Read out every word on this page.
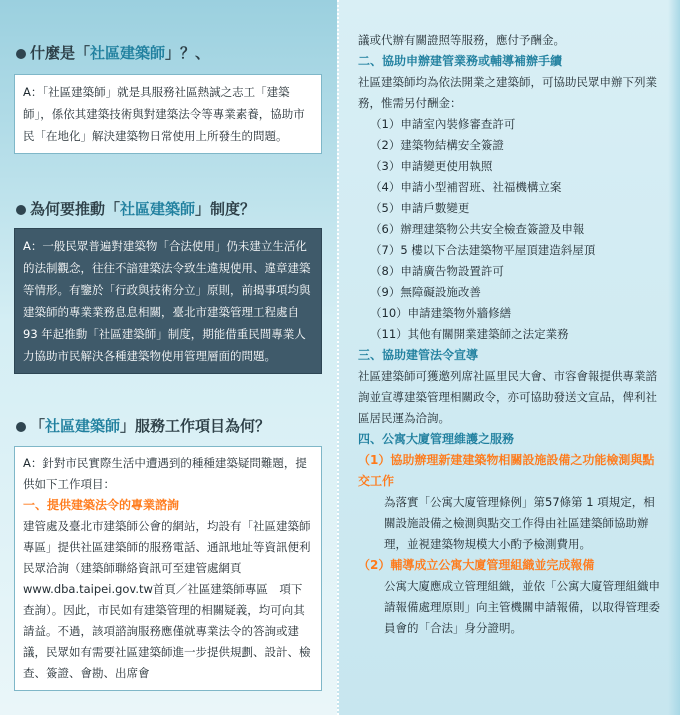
什麼是「社區建築師」？、
A：「社區建築師」就是具服務社區熱誠之志工「建築師」，係依其建築技術與對建築法令等專業素養，協助市民「在地化」解決建築物日常使用上所發生的問題。
為何要推動「社區建築師」制度？
A：一般民眾普遍對建築物「合法使用」仍未建立生活化的法制觀念，往往不諳建築法令致生違規使用、違章建築等情形。有鑒於「行政與技術分立」原則，前揭事項均與建築師的專業業務息息相關，臺北市建築管理工程處自 93 年起推動「社區建築師」制度，期能借重民間專業人力協助市民解決各種建築物使用管理層面的問題。
「社區建築師」服務工作項目為何？
A：針對市民實際生活中遭遇到的種種建築疑問難題，提供如下工作項目：
一、提供建築法令的專業諮詢
建管處及臺北市建築師公會的網站，均設有「社區建築師專區」提供社區建築師的服務電話、通訊地址等資訊便利民眾洽詢（建築師聯絡資訊可至建管處網頁 www.dba.taipei.gov.tw首頁／社區建築師專區　項下查詢）。因此，市民如有建築管理的相關疑義，均可向其請益。不過，該項諮詢服務應僅就專業法令的答詢或建議，民眾如有需要社區建築師進一步提供規劃、設計、檢查、簽證、會勘、出席會
議或代辦有關證照等服務，應付予酬金。
二、協助申辦建管業務或輔導補辦手續
社區建築師均為依法開業之建築師，可協助民眾申辦下列業務，惟需另付酬金：
（1）申請室內裝修審查許可
（2）建築物結構安全簽證
（3）申請變更使用執照
（4）申請小型補習班、社福機構立案
（5）申請戶數變更
（6）辦理建築物公共安全檢查簽證及申報
（7）5 樓以下合法建築物平屋頂建造斜屋頂
（8）申請廣告物設置許可
（9）無障礙設施改善
（10）申請建築物外牆修繕
（11）其他有關開業建築師之法定業務
三、協助建管法令宣導
社區建築師可獲邀列席社區里民大會、市容會報提供專業諮詢並宣導建築管理相關政令，亦可協助發送文宣品，俾利社區居民運為洽詢。
四、公寓大廈管理維護之服務
（1）協助辦理新建建築物相關設施設備之功能檢測與點交工作
為落實「公寓大廈管理條例」第57條第 1 項規定，相關設施設備之檢測與點交工作得由社區建築師協助辦理，並視建築物規模大小酌予檢測費用。
（2）輔導成立公寓大廈管理組織並完成報備
公寓大廈應成立管理組織，並依「公寓大廈管理組織申請報備處理原則」向主管機關申請報備，以取得管理委員會的「合法」身分證明。
